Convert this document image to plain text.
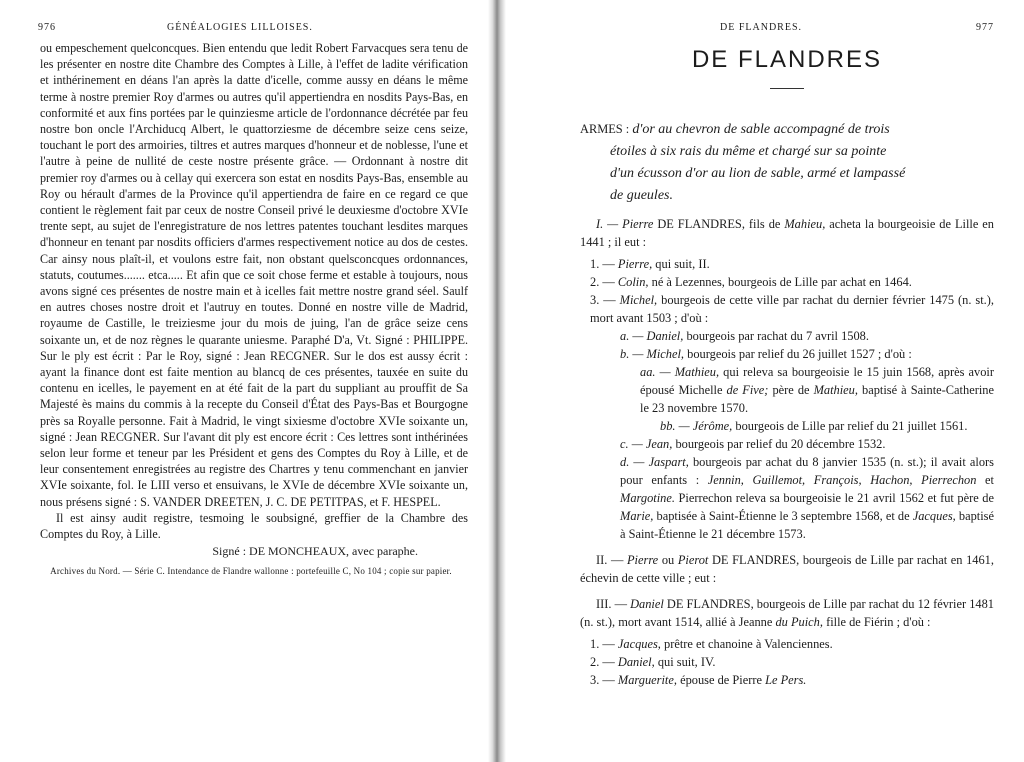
976	GÉNÉALOGIES LILLOISES.

ou empeschement quelconcques. Bien entendu que ledit Robert Farvacques sera tenu de les présenter en nostre dite Chambre des Comptes à Lille, à l'effet de ladite vérification et inthérinement en déans l'an après la datte d'icelle, comme aussy en déans le même terme à nostre premier Roy d'armes ou autres qu'il appertiendra en nosdits Pays-Bas, en conformité et aux fins portées par le quinziesme article de l'ordonnance décrétée par feu nostre bon oncle l'Archiducq Albert, le quattorziesme de décembre seize cens seize, touchant le port des armoiries, tiltres et autres marques d'honneur et de noblesse, l'une et l'autre à peine de nullité de ceste nostre présente grâce. — Ordonnant à nostre dit premier roy d'armes ou à cellay qui exercera son estat en nosdits Pays-Bas, ensemble au Roy ou hérault d'armes de la Province qu'il appertiendra de faire en ce regard ce que contient le règlement fait par ceux de nostre Conseil privé le deuxiesme d'octobre XVIe trente sept, au sujet de l'enregistrature de nos lettres patentes touchant lesdites marques d'honneur en tenant par nosdits officiers d'armes respectivement notice au dos de cestes. Car ainsy nous plaît-il, et voulons estre fait, non obstant quelsconcques ordonnances, statuts, coutumes....... etca..... Et afin que ce soit chose ferme et estable à toujours, nous avons signé ces présentes de nostre main et à icelles fait mettre nostre grand séel. Saulf en autres choses nostre droit et l'autruy en toutes. Donné en nostre ville de Madrid, royaume de Castille, le treiziesme jour du mois de juing, l'an de grâce seize cens soixante un, et de noz règnes le quarante uniesme. Paraphé D'a, Vt. Signé : PHILIPPE. Sur le ply est écrit : Par le Roy, signé : Jean RECGNER. Sur le dos est aussy écrit : ayant la finance dont est faite mention au blancq de ces présentes, tauxée en suite du contenu en icelles, le payement en at été fait de la part du suppliant au prouffit de Sa Majesté ès mains du commis à la recepte du Conseil d'État des Pays-Bas et Bourgogne près sa Royalle personne. Fait à Madrid, le vingt sixiesme d'octobre XVIe soixante un, signé : Jean RECGNER. Sur l'avant dit ply est encore écrit : Ces lettres sont inthérinées selon leur forme et teneur par les Président et gens des Comptes du Roy à Lille, et de leur consentement enregistrées au registre des Chartres y tenu commenchant en janvier XVIe soixante, fol. Ie LIII verso et ensuivans, le XVIe de décembre XVIe soixante un, nous présens signé : S. VANDER DREETEN, J. C. DE PETITPAS, et F. HESPEL.

Il est ainsy audit registre, tesmoing le soubsigné, greffier de la Chambre des Comptes du Roy, à Lille.

Signé : DE MONCHEAUX, avec paraphe.
Archives du Nord. — Série C. Intendance de Flandre wallonne : portefeuille C, No 104 ; copie sur papier.
DE FLANDRES.	977
DE FLANDRES
ARMES : d'or au chevron de sable accompagné de trois
étoiles à six rais du même et chargé sur sa pointe
d'un écusson d'or au lion de sable, armé et lampassé
de gueules.

I. — Pierre DE FLANDRES, fils de Mahieu, acheta la bourgeoisie de Lille en 1441 ; il eut :

1. — Pierre, qui suit, II.

2. — Colin, né à Lezennes, bourgeois de Lille par achat en 1464.

3. — Michel, bourgeois de cette ville par rachat du dernier février 1475 (n. st.), mort avant 1503 ; d'où :

a. — Daniel, bourgeois par rachat du 7 avril 1508.

b. — Michel, bourgeois par relief du 26 juillet 1527 ; d'où :

aa. — Mathieu, qui releva sa bourgeoisie le 15 juin 1568, après avoir épousé Michelle de Five; père de Mathieu, baptisé à Sainte-Catherine le 23 novembre 1570.

bb. — Jérôme, bourgeois de Lille par relief du 21 juillet 1561.

c. — Jean, bourgeois par relief du 20 décembre 1532.

d. — Jaspart, bourgeois par achat du 8 janvier 1535 (n. st.); il avait alors pour enfants : Jennin, Guillemot, François, Hachon, Pierrechon et Margotine. Pierrechon releva sa bourgeoisie le 21 avril 1562 et fut père de Marie, baptisée à Saint-Étienne le 3 septembre 1568, et de Jacques, baptisé à Saint-Étienne le 21 décembre 1573.

II. — Pierre ou Pierot DE FLANDRES, bourgeois de Lille par rachat en 1461, échevin de cette ville ; eut :

III. — Daniel DE FLANDRES, bourgeois de Lille par rachat du 12 février 1481 (n. st.), mort avant 1514, allié à Jeanne du Puich, fille de Fiérin ; d'où :

1. — Jacques, prêtre et chanoine à Valenciennes.

2. — Daniel, qui suit, IV.

3. — Marguerite, épouse de Pierre Le Pers.
